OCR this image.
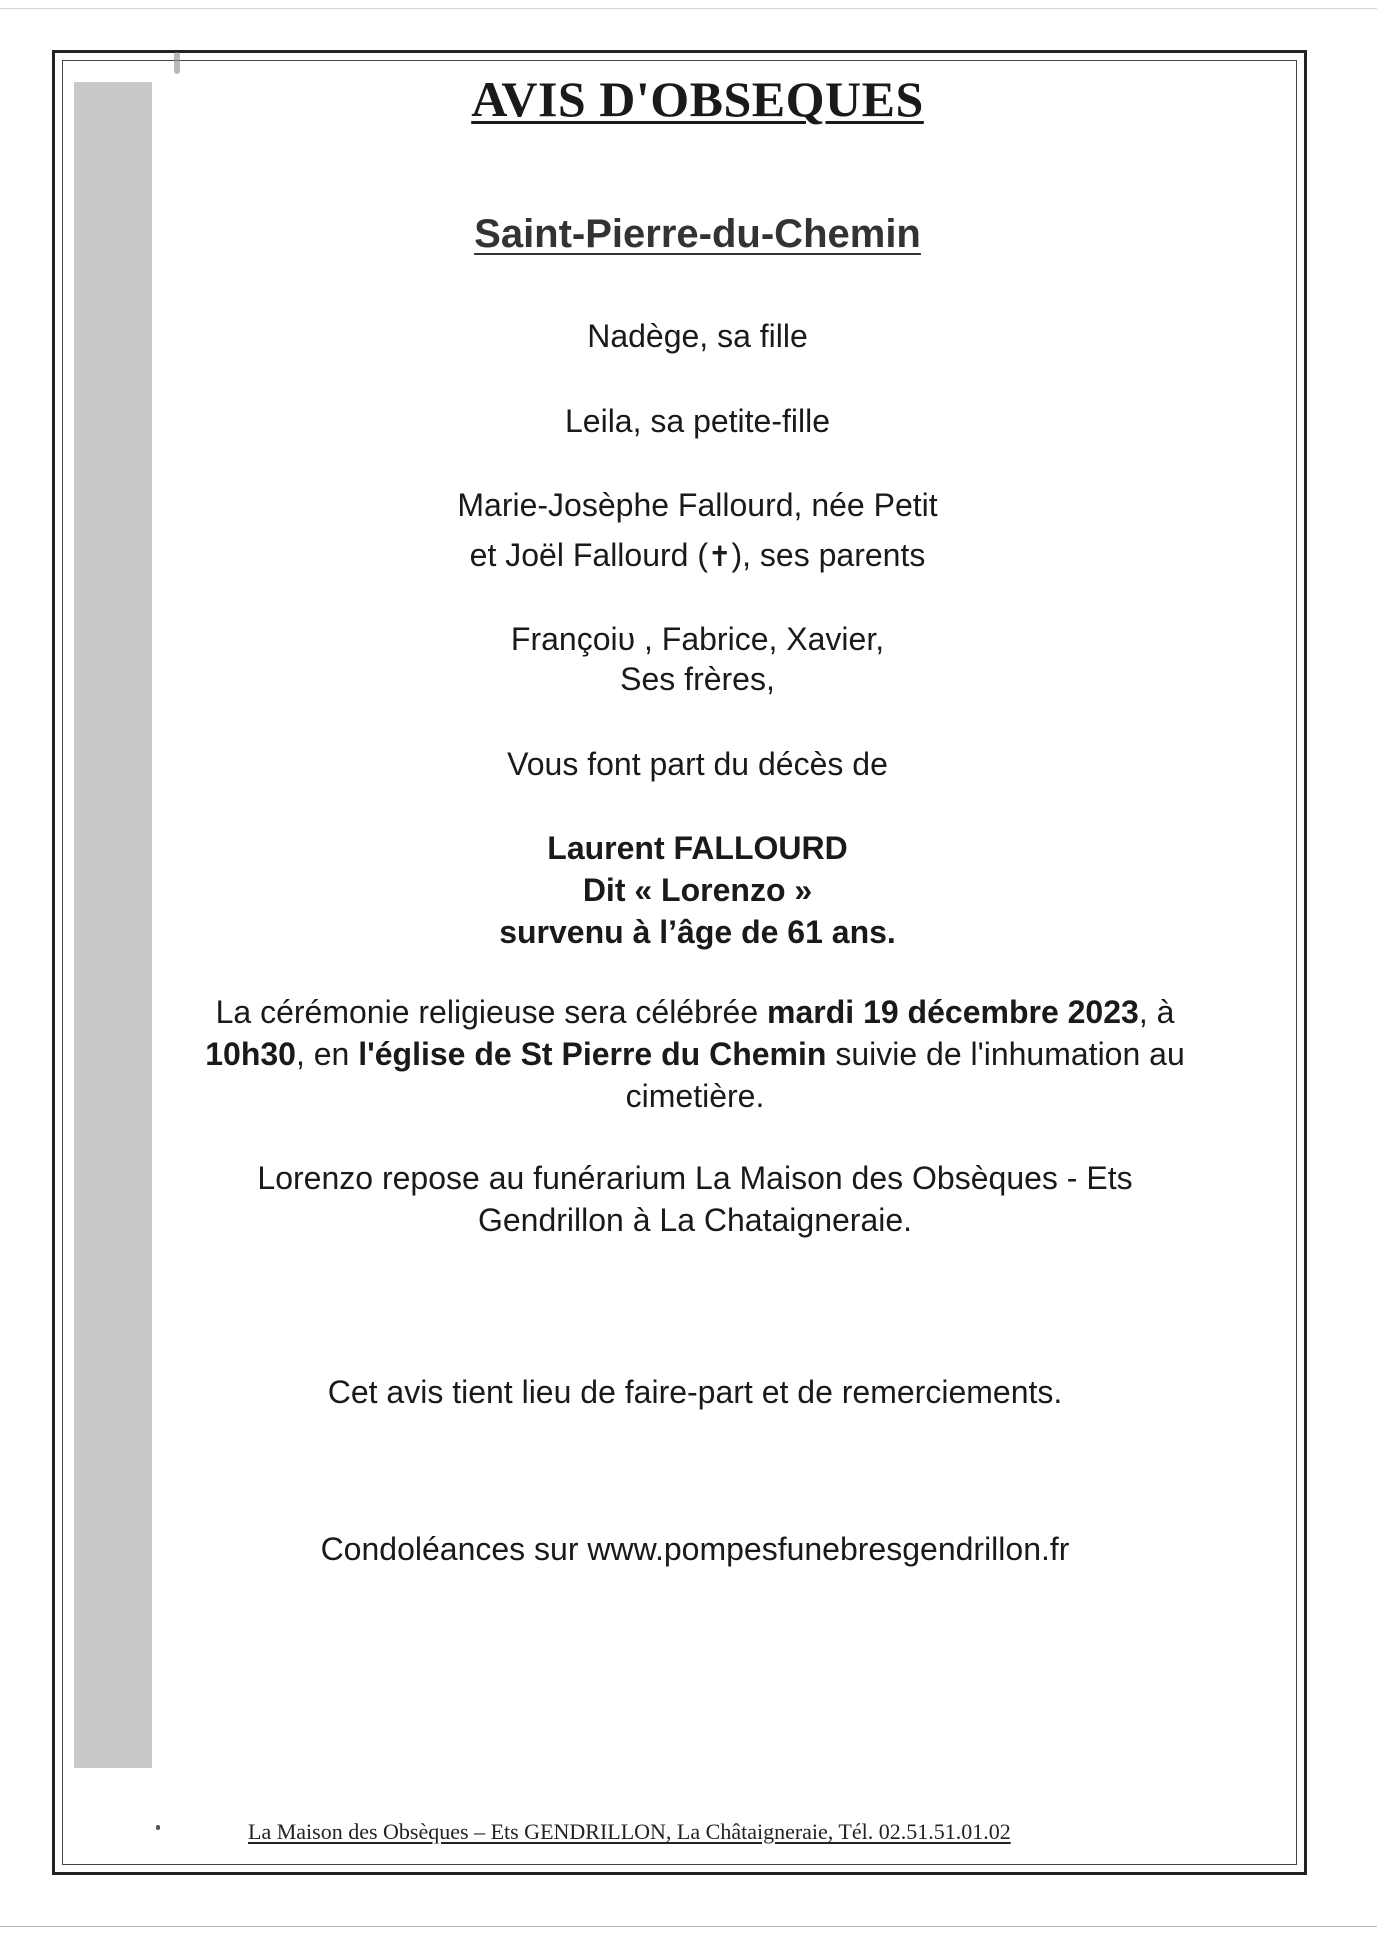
AVIS D'OBSEQUES
Saint-Pierre-du-Chemin
Nadège, sa fille
Leila, sa petite-fille
Marie-Josèphe Fallourd, née Petit
et Joël Fallourd (✝), ses parents
Françoiᴜ , Fabrice, Xavier,
Ses frères,
Vous font part du décès de
Laurent FALLOURD
Dit « Lorenzo »
survenu à l’âge de 61 ans.
La cérémonie religieuse sera célébrée mardi 19 décembre 2023, à 10h30, en l'église de St Pierre du Chemin suivie de l'inhumation au cimetière.
Lorenzo repose au funérarium La Maison des Obsèques - Ets Gendrillon à La Chataigneraie.
Cet avis tient lieu de faire-part et de remerciements.
Condoléances sur www.pompesfunebresgendrillon.fr
La Maison des Obsèques – Ets GENDRILLON, La Châtaigneraie, Tél. 02.51.51.01.02
